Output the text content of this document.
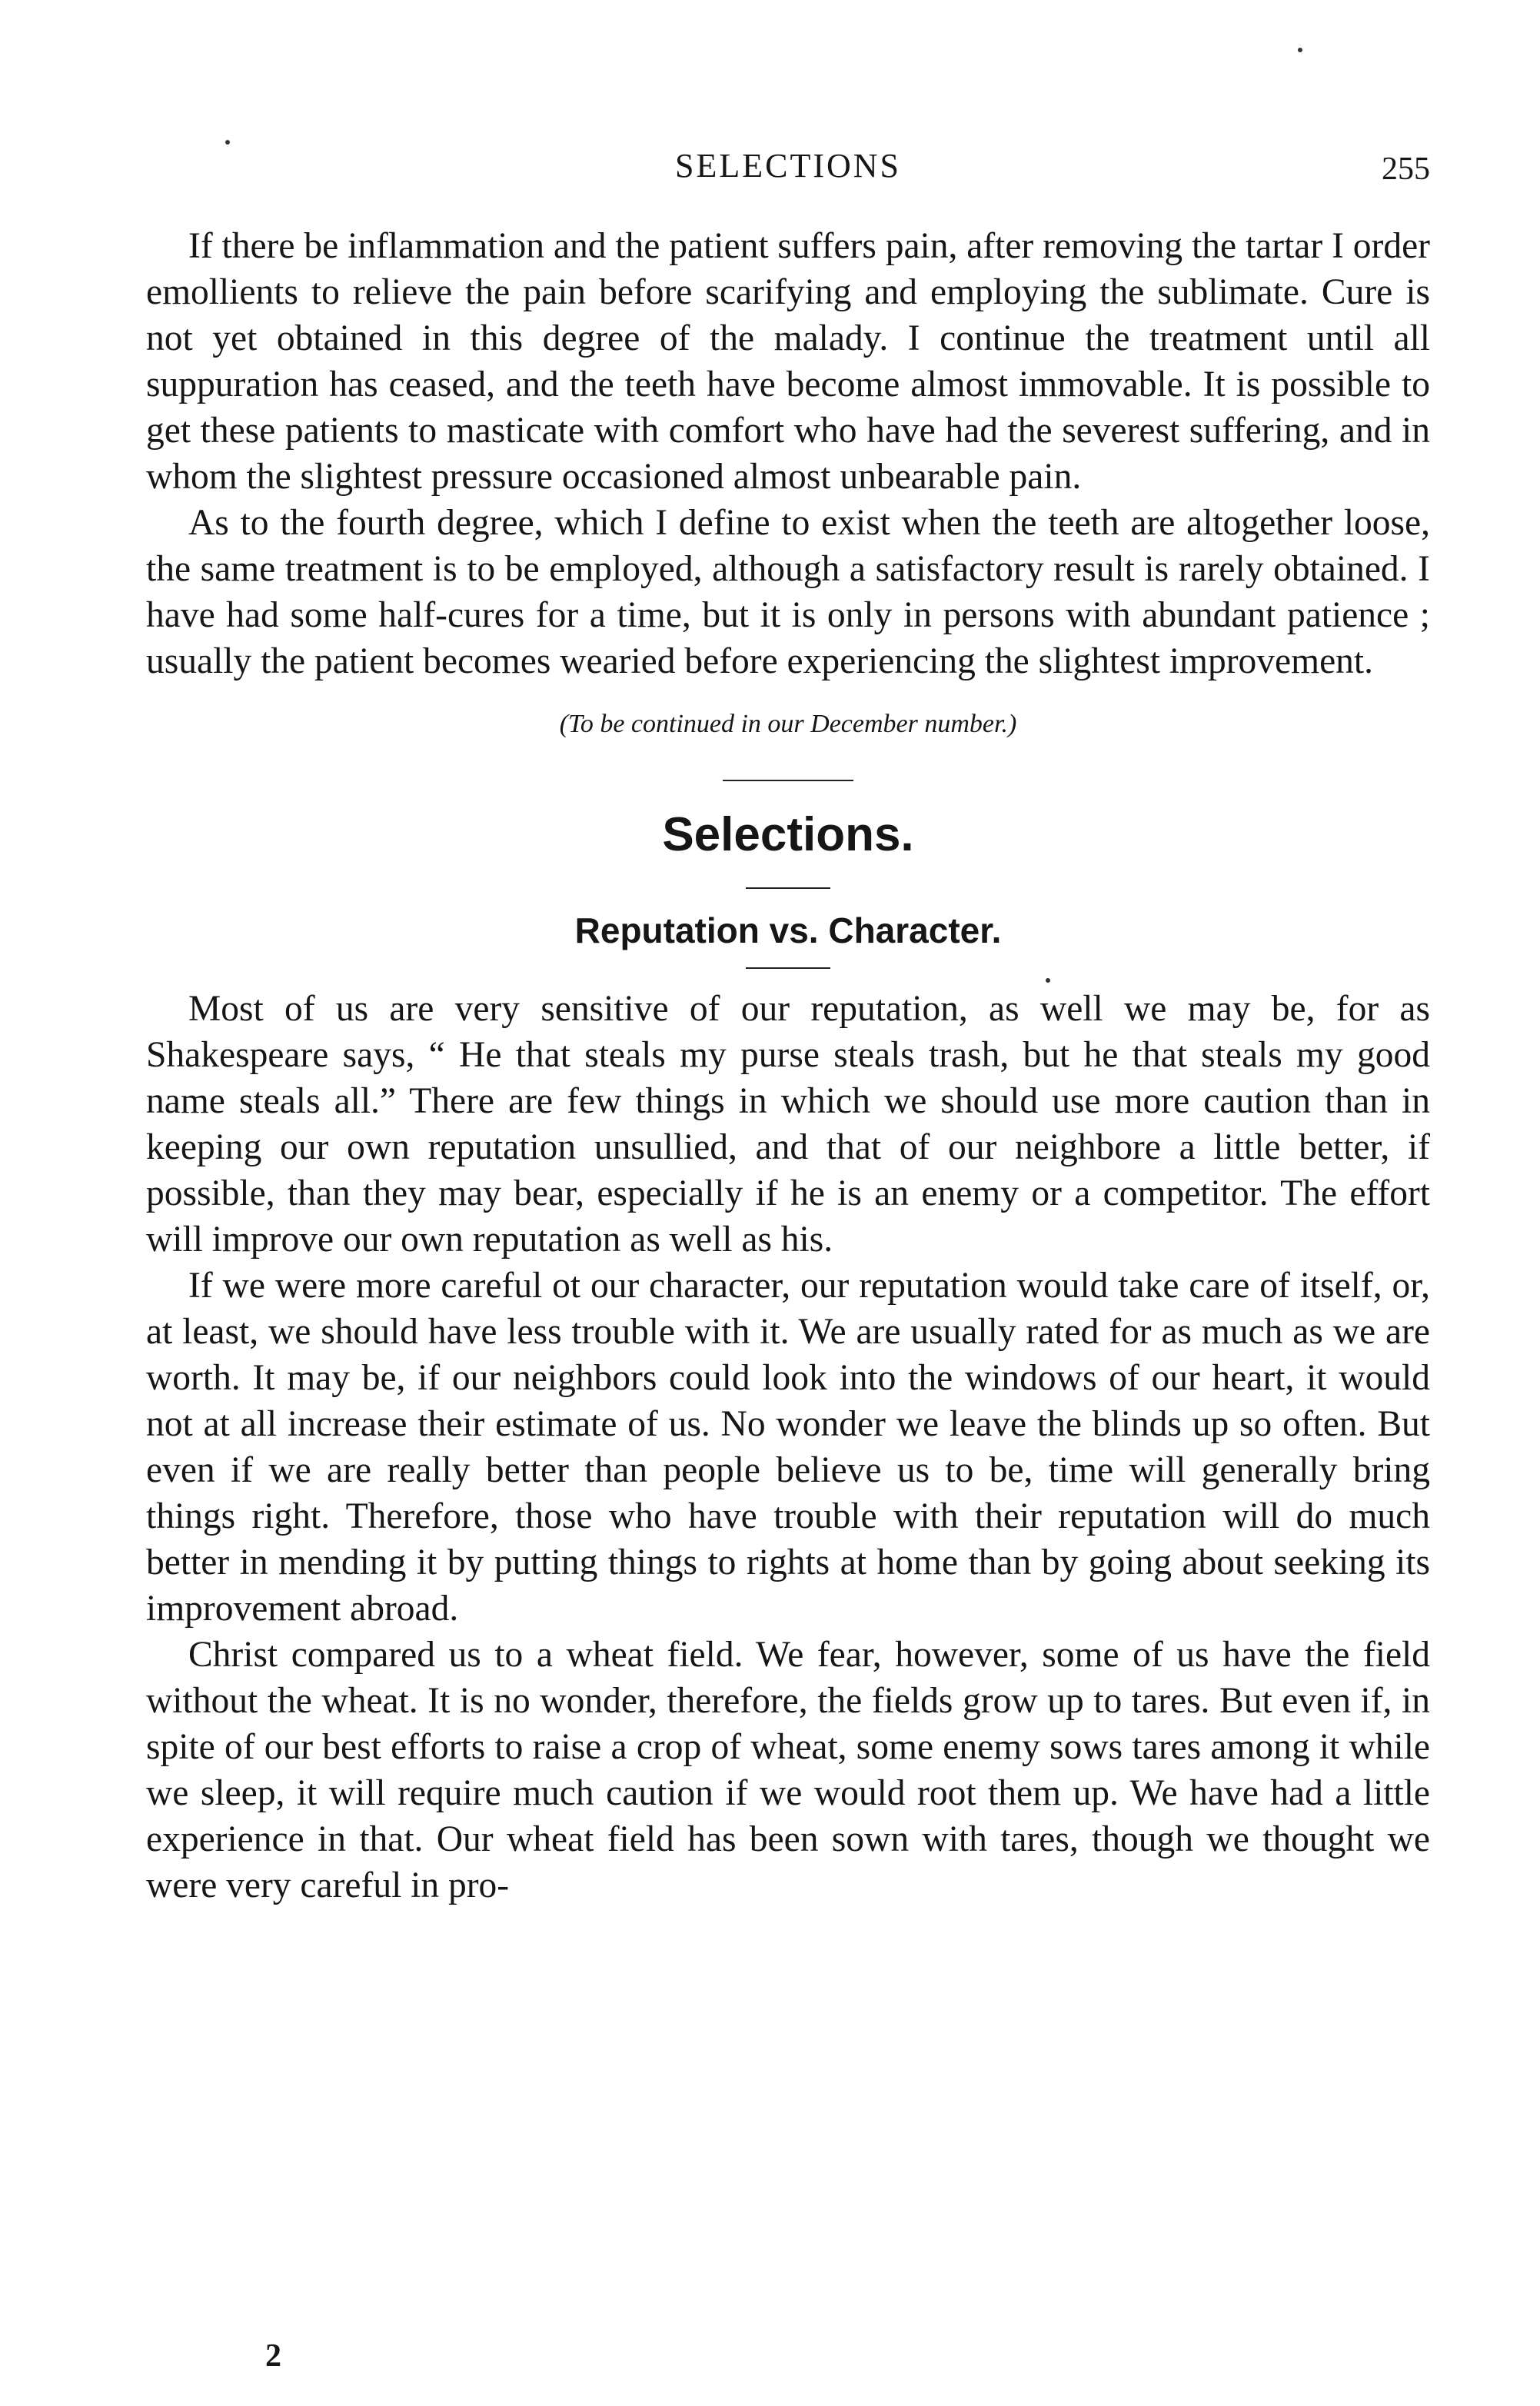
SELECTIONS	255

If there be inflammation and the patient suffers pain, after removing the tartar I order emollients to relieve the pain before scarifying and employing the sublimate. Cure is not yet obtained in this degree of the malady. I continue the treatment until all suppuration has ceased, and the teeth have become almost immovable. It is possible to get these patients to masticate with comfort who have had the severest suffering, and in whom the slightest pressure occasioned almost unbearable pain.

As to the fourth degree, which I define to exist when the teeth are altogether loose, the same treatment is to be employed, although a satisfactory result is rarely obtained. I have had some half-cures for a time, but it is only in persons with abundant patience ; usually the patient becomes wearied before experiencing the slightest improvement.

(To be continued in our December number.)

Selections.
Reputation vs. Character.

Most of us are very sensitive of our reputation, as well we may be, for as Shakespeare says, “ He that steals my purse steals trash, but he that steals my good name steals all.” There are few things in which we should use more caution than in keeping our own reputation unsullied, and that of our neighbore a little better, if possible, than they may bear, especially if he is an enemy or a competitor. The effort will improve our own reputation as well as his.

If we were more careful ot our character, our reputation would take care of itself, or, at least, we should have less trouble with it. We are usually rated for as much as we are worth. It may be, if our neighbors could look into the windows of our heart, it would not at all increase their estimate of us. No wonder we leave the blinds up so often. But even if we are really better than people believe us to be, time will generally bring things right. Therefore, those who have trouble with their reputation will do much better in mending it by putting things to rights at home than by going about seeking its improvement abroad.

Christ compared us to a wheat field. We fear, however, some of us have the field without the wheat. It is no wonder, therefore, the fields grow up to tares. But even if, in spite of our best efforts to raise a crop of wheat, some enemy sows tares among it while we sleep, it will require much caution if we would root them up. We have had a little experience in that. Our wheat field has been sown with tares, though we thought we were very careful in pro-

2
